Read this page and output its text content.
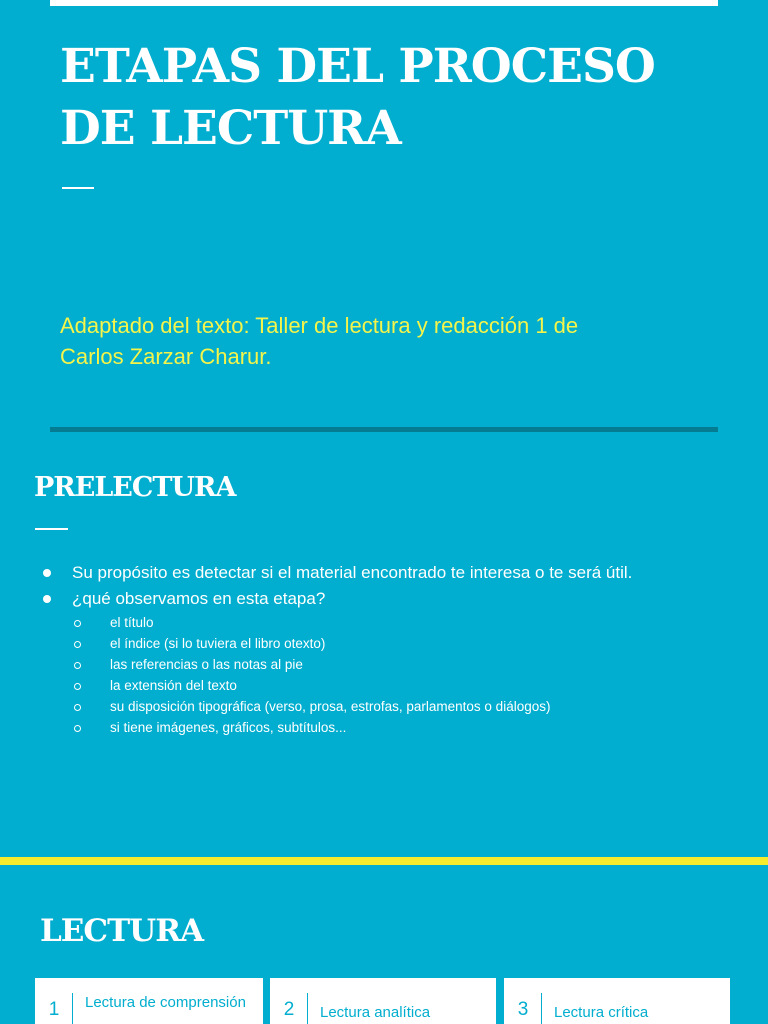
ETAPAS DEL PROCESO
DE LECTURA

Adaptado del texto: Taller de lectura y redacción 1 de
Carlos Zarzar Charur.

PRELECTURA
Su propósito es detectar si el material encontrado te interesa o te será útil.
¿qué observamos en esta etapa?
el título
el índice (si lo tuviera el libro otexto)
las referencias o las notas al pie
la extensión del texto
su disposición tipográfica (verso, prosa, estrofas, parlamentos o diálogos)
si tiene imágenes, gráficos, subtítulos...
LECTURA
1	Lectura de comprensión	2	Lectura analítica	3	Lectura crítica
